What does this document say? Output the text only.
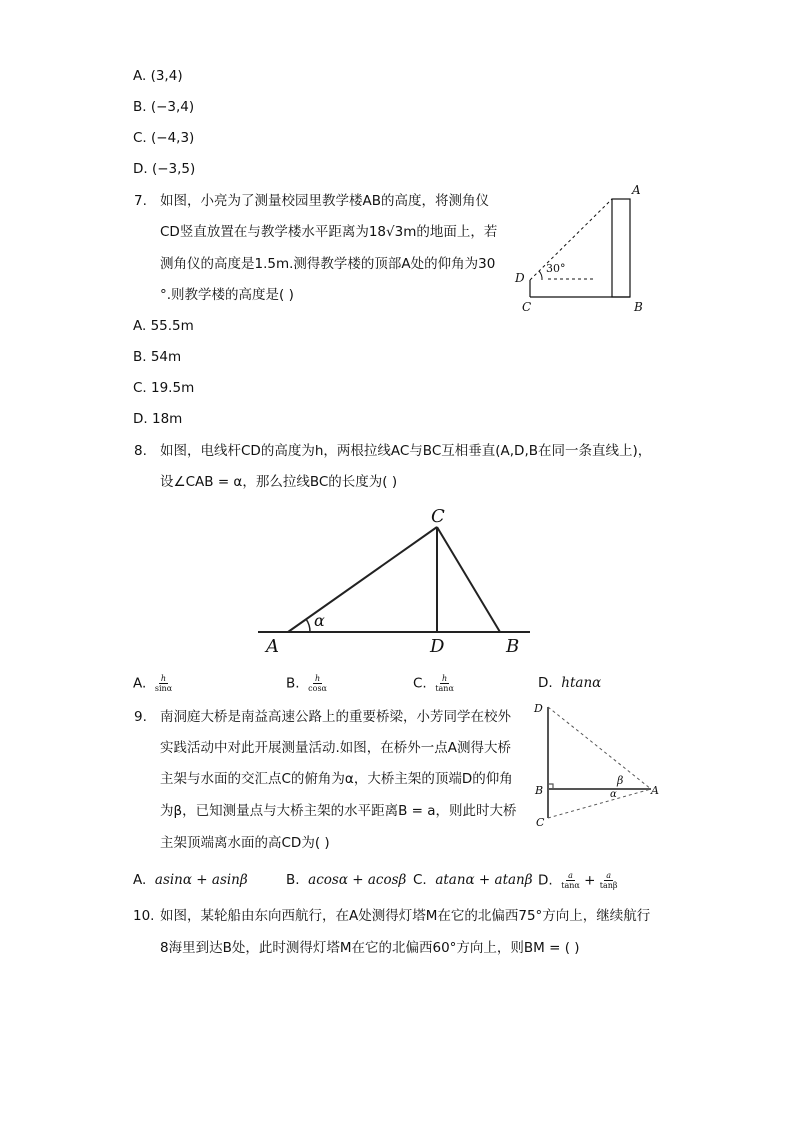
A. (3,4)
B. (−3,4)
C. (−4,3)
D. (−3,5)
7. 如图，小亮为了测量校园里教学楼AB的高度，将测角仪
CD竖直放置在与教学楼水平距离为18√3m的地面上，若
测角仪的高度是1.5m.测得教学楼的顶部A处的仰角为30
°.则教学楼的高度是( )
A. 55.5m
B. 54m
C. 19.5m
D. 18m
A
B
C
D
30°
C
A	D	B
α
D
B
C
A
β
α
8. 如图，电线杆CD的高度为h，两根拉线AC与BC互相垂直(A,D,B在同一条直线上)，
设∠CAB = α，那么拉线BC的长度为( )
A. $\frac{h}{\sin\alpha}$	B. $\frac{h}{\cos\alpha}$	C. $\frac{h}{\tan\alpha}$	D. htanα
9. 南洞庭大桥是南益高速公路上的重要桥梁，小芳同学在校外
实践活动中对此开展测量活动.如图，在桥外一点A测得大桥
主架与水面的交汇点C的俯角为α，大桥主架的顶端D的仰角
为β，已知测量点与大桥主架的水平距离B = a，则此时大桥
主架顶端离水面的高CD为( )
A. asinα + asinβ	B. acosα + acosβ C. atanα + atanβ D. $\frac{a}{\tan\alpha} + \frac{a}{\tan\beta}$
10. 如图，某轮船由东向西航行，在A处测得灯塔M在它的北偏西75°方向上，继续航行
8海里到达B处，此时测得灯塔M在它的北偏西60°方向上，则BM = ( )
